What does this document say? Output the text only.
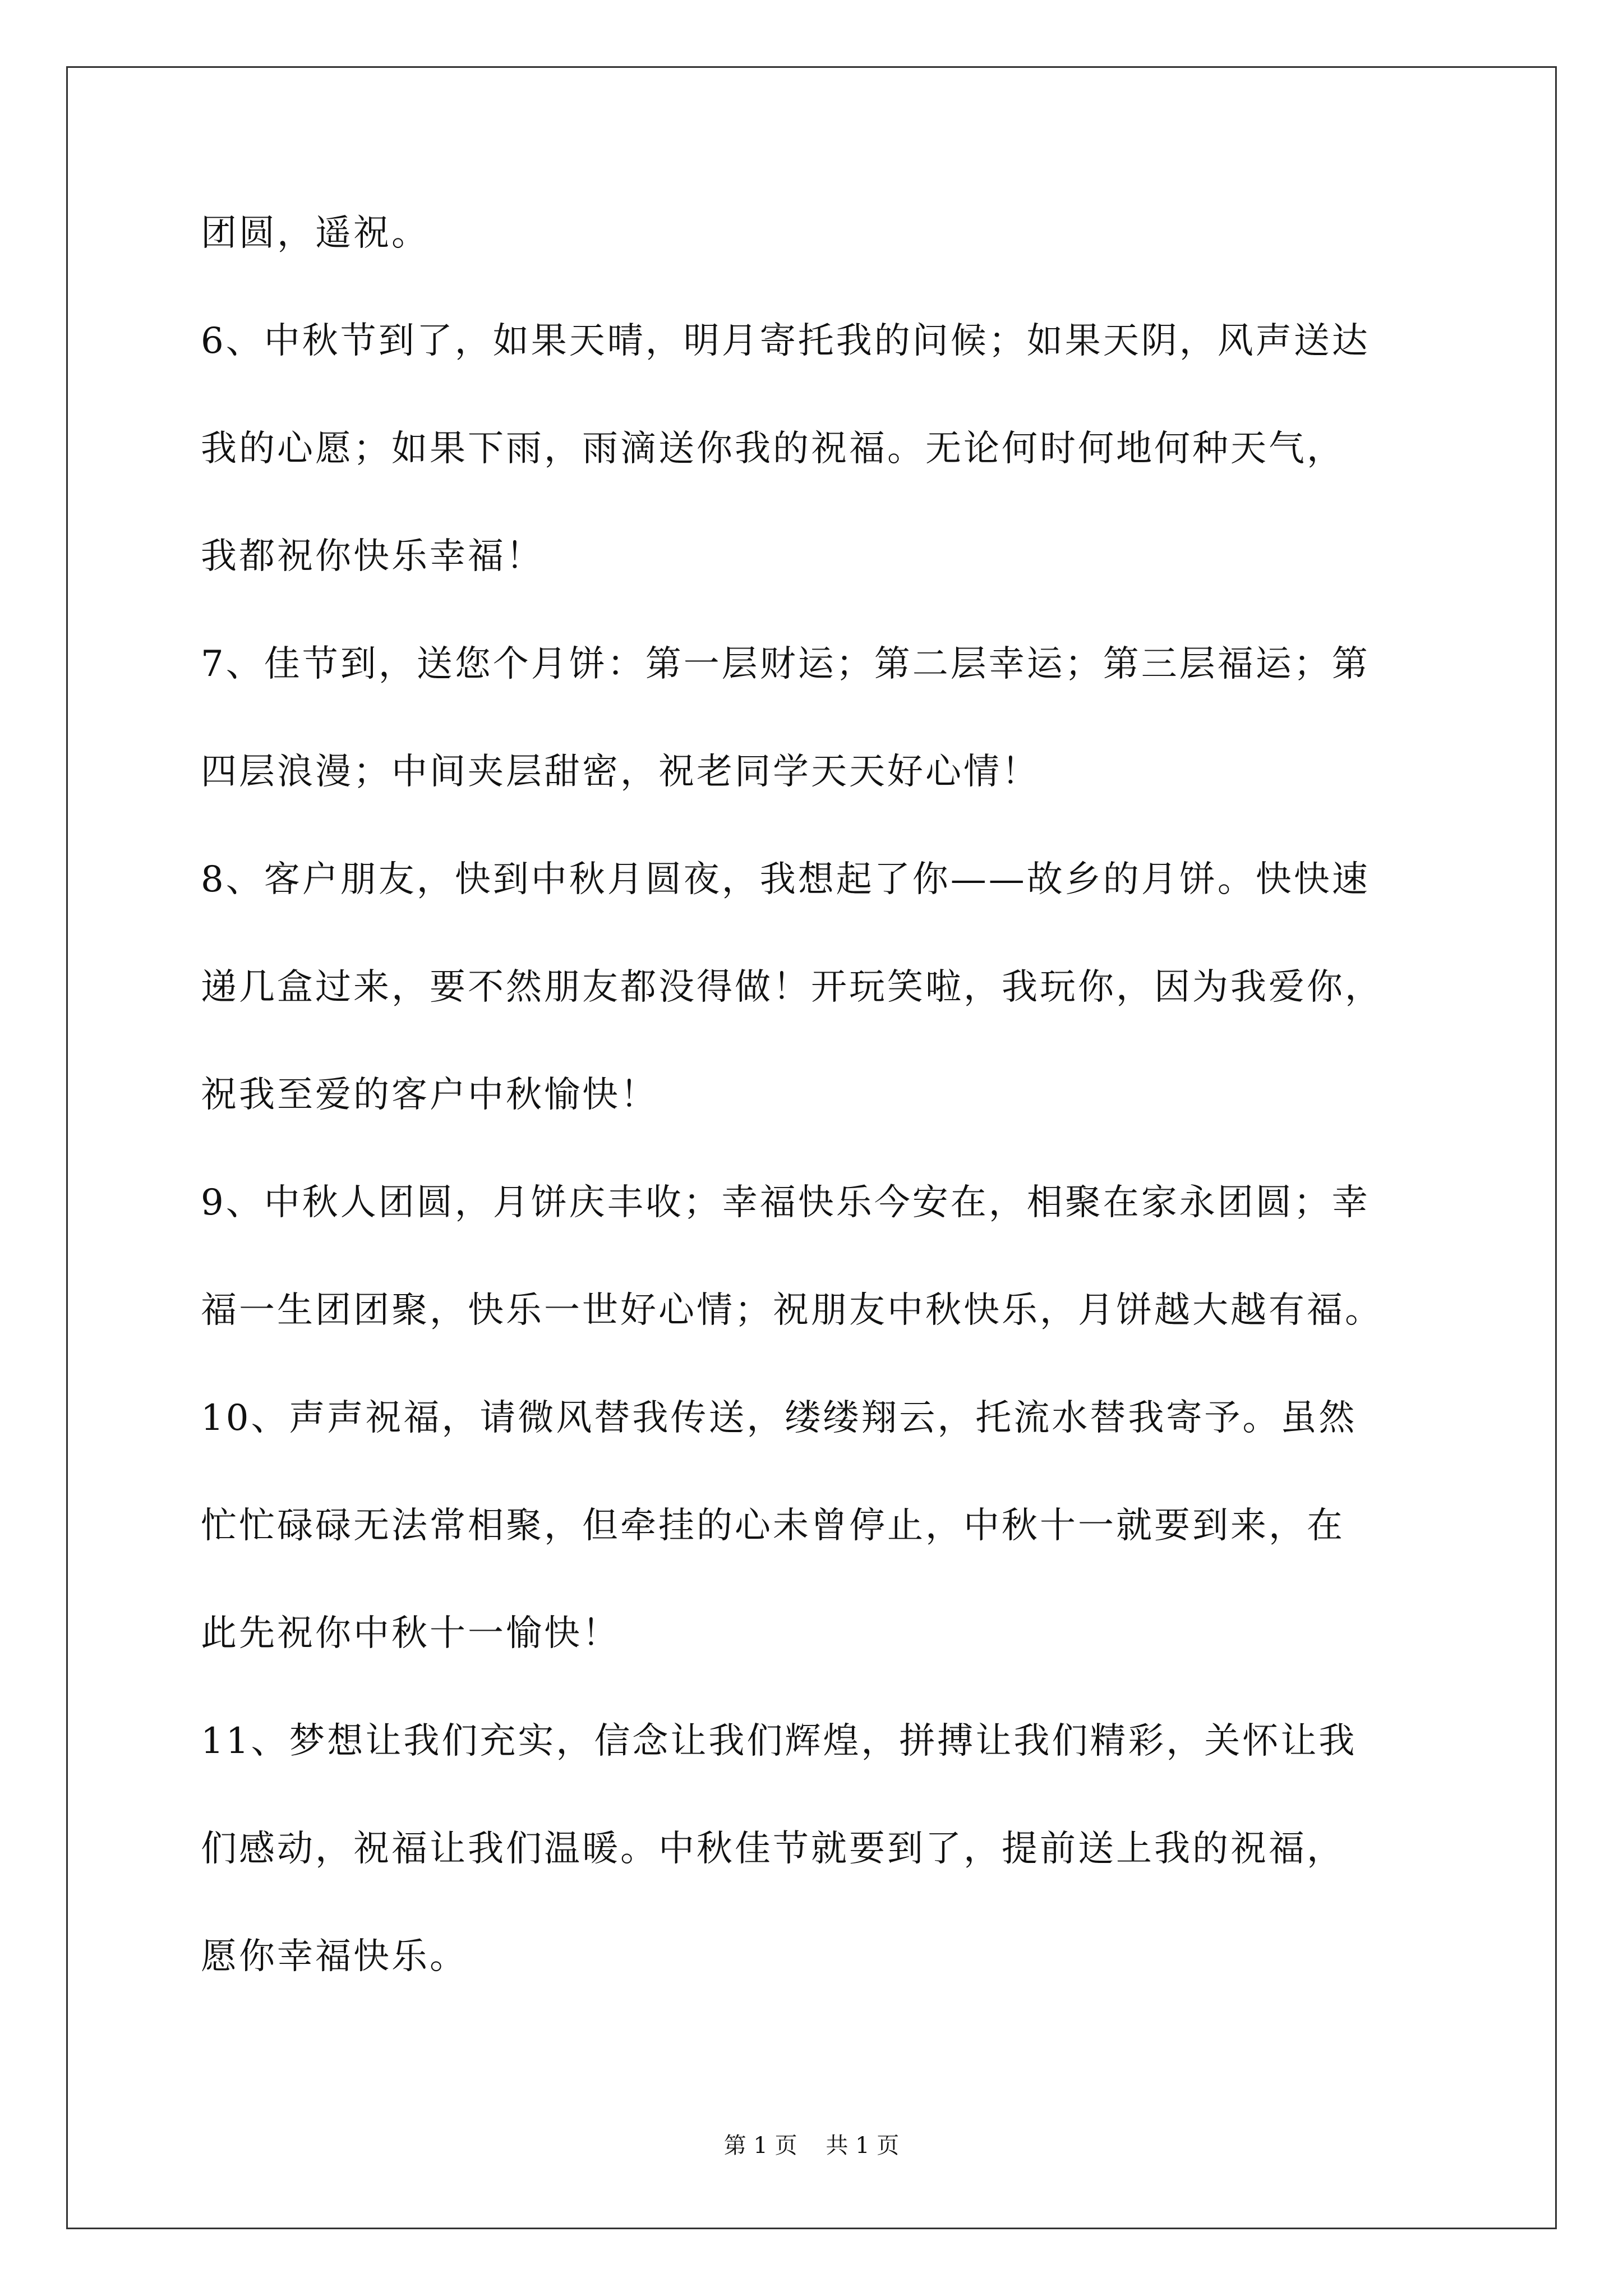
团圆，遥祝。

6、中秋节到了，如果天晴，明月寄托我的问候；如果天阴，风声送达

我的心愿；如果下雨，雨滴送你我的祝福。无论何时何地何种天气，

我都祝你快乐幸福！

7、佳节到，送您个月饼：第一层财运；第二层幸运；第三层福运；第

四层浪漫；中间夹层甜密，祝老同学天天好心情！

8、客户朋友，快到中秋月圆夜，我想起了你——故乡的月饼。快快速

递几盒过来，要不然朋友都没得做！开玩笑啦，我玩你，因为我爱你，

祝我至爱的客户中秋愉快！

9、中秋人团圆，月饼庆丰收；幸福快乐今安在，相聚在家永团圆；幸

福一生团团聚，快乐一世好心情；祝朋友中秋快乐，月饼越大越有福。

10、声声祝福，请微风替我传送，缕缕翔云，托流水替我寄予。虽然

忙忙碌碌无法常相聚，但牵挂的心未曾停止，中秋十一就要到来，在

此先祝你中秋十一愉快！

11、梦想让我们充实，信念让我们辉煌，拼搏让我们精彩，关怀让我

们感动，祝福让我们温暖。中秋佳节就要到了，提前送上我的祝福，

愿你幸福快乐。

第 1 页    共 1 页
